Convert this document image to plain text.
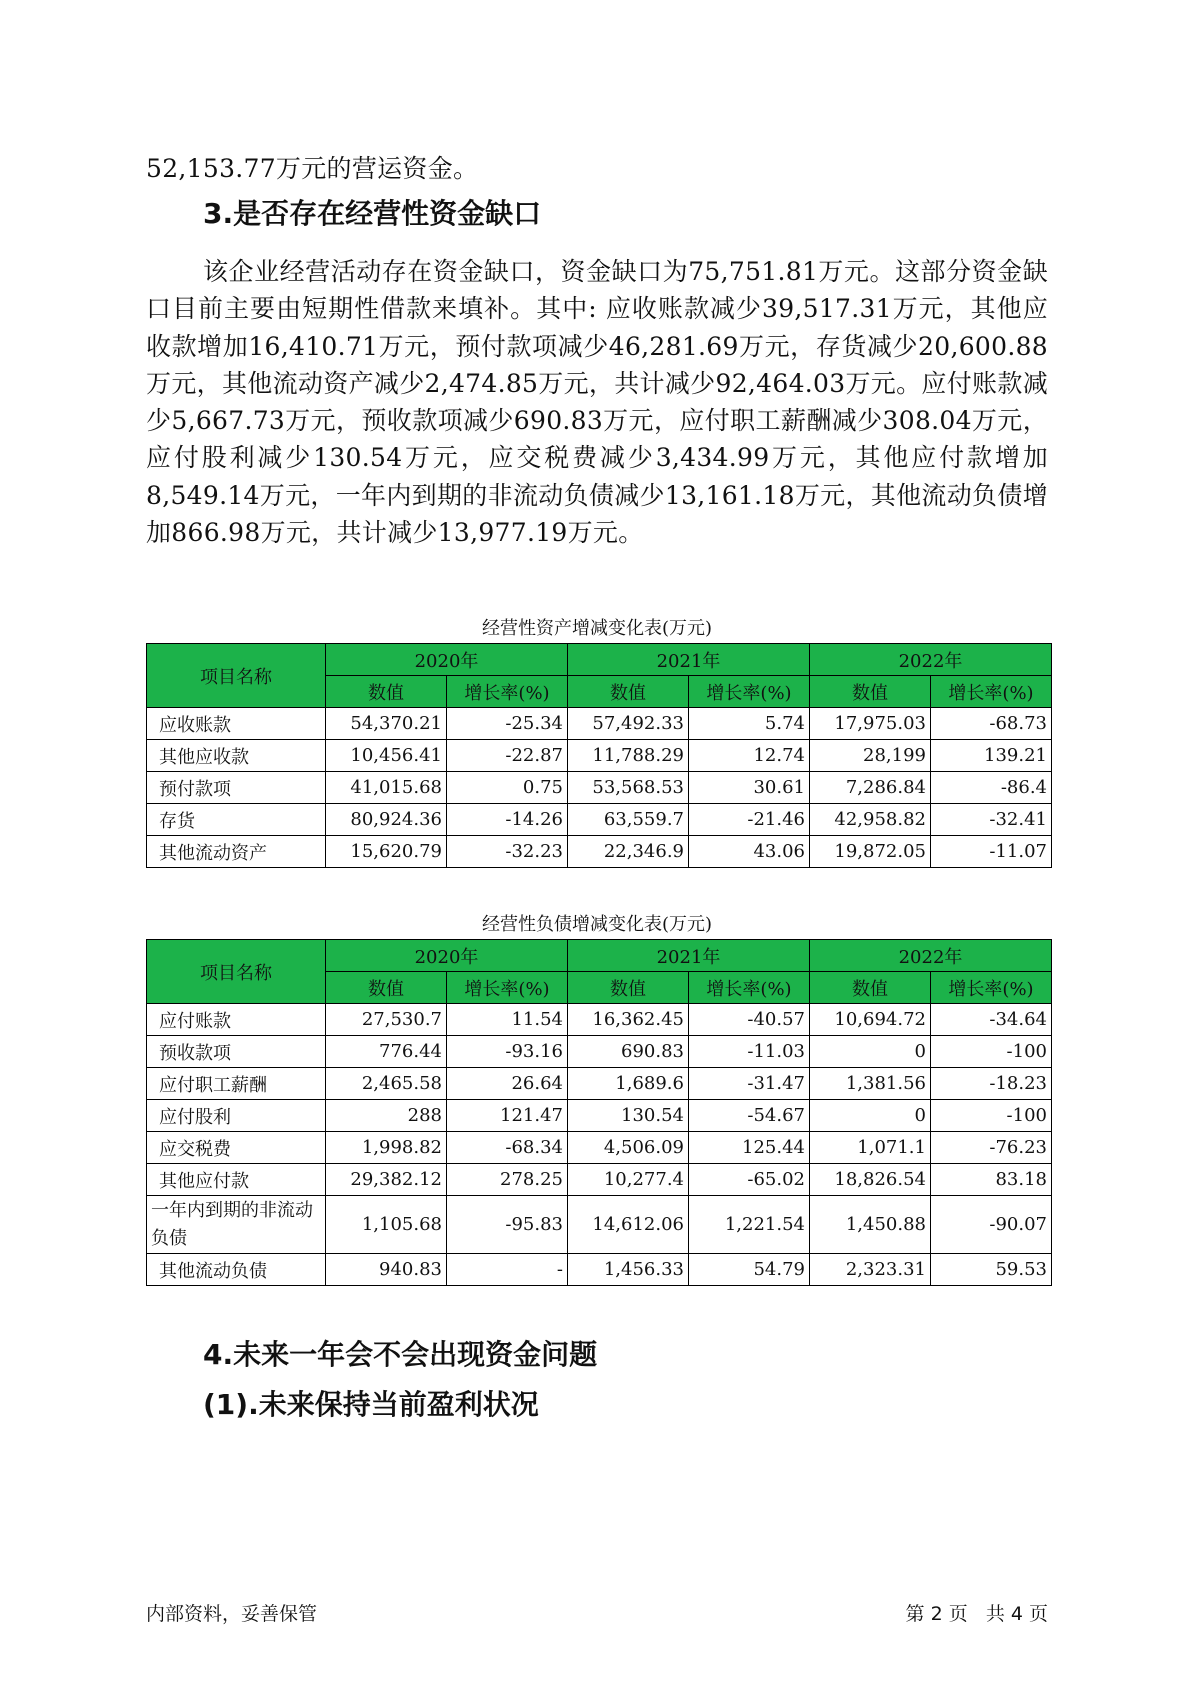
52,153.77万元的营运资金。

3.是否存在经营性资金缺口

该企业经营活动存在资金缺口，资金缺口为75,751.81万元。这部分资金缺口目前主要由短期性借款来填补。其中: 应收账款减少39,517.31万元，其他应收款增加16,410.71万元，预付款项减少46,281.69万元，存货减少20,600.88万元，其他流动资产减少2,474.85万元，共计减少92,464.03万元。应付账款减少5,667.73万元，预收款项减少690.83万元，应付职工薪酬减少308.04万元，应付股利减少130.54万元，应交税费减少3,434.99万元，其他应付款增加8,549.14万元，一年内到期的非流动负债减少13,161.18万元，其他流动负债增加866.98万元，共计减少13,977.19万元。

经营性资产增减变化表(万元)
项目名称	2020年		2021年		2022年	
	数值	增长率(%)	数值	增长率(%)	数值	增长率(%)
应收账款	54,370.21	-25.34	57,492.33	5.74	17,975.03	-68.73
其他应收款	10,456.41	-22.87	11,788.29	12.74	28,199	139.21
预付款项	41,015.68	0.75	53,568.53	30.61	7,286.84	-86.4
存货	80,924.36	-14.26	63,559.7	-21.46	42,958.82	-32.41
其他流动资产	15,620.79	-32.23	22,346.9	43.06	19,872.05	-11.07
经营性负债增减变化表(万元)
项目名称	2020年		2021年		2022年	
	数值	增长率(%)	数值	增长率(%)	数值	增长率(%)
应付账款	27,530.7	11.54	16,362.45	-40.57	10,694.72	-34.64
预收款项	776.44	-93.16	690.83	-11.03	0	-100
应付职工薪酬	2,465.58	26.64	1,689.6	-31.47	1,381.56	-18.23
应付股利	288	121.47	130.54	-54.67	0	-100
应交税费	1,998.82	-68.34	4,506.09	125.44	1,071.1	-76.23
其他应付款	29,382.12	278.25	10,277.4	-65.02	18,826.54	83.18
一年内到期的非流动负债	1,105.68	-95.83	14,612.06	1,221.54	1,450.88	-90.07
其他流动负债	940.83	-	1,456.33	54.79	2,323.31	59.53
4.未来一年会不会出现资金问题
(1).未来保持当前盈利状况
内部资料，妥善保管	第 2 页   共 4 页
